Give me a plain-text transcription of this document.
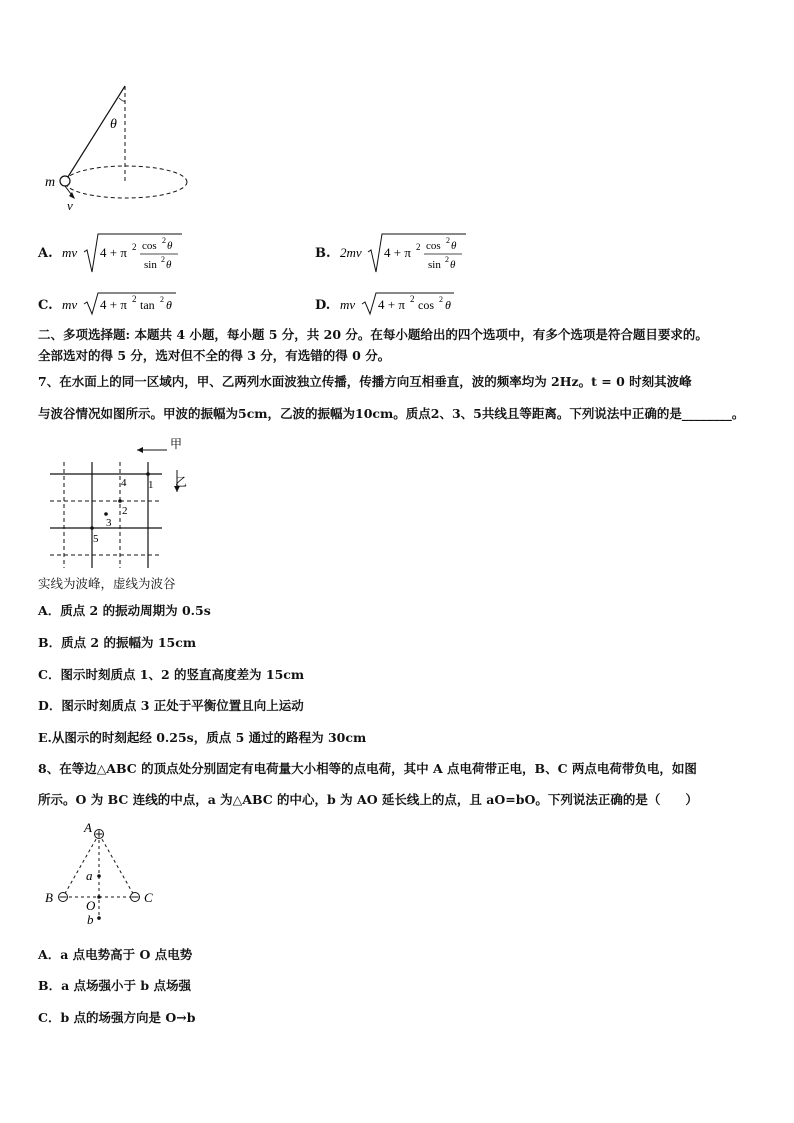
θ
m
v
A. mv 4 + π 2 cos 2 θ
sin 2 θ
B. 2mv 4 + π 2 cos 2 θ
sin 2 θ
C. mv 4 + π 2 tan 2 θ	D. mv 4 + π 2 cos 2 θ
二、多项选择题: 本题共 4 小题，每小题 5 分，共 20 分。在每小题给出的四个选项中，有多个选项是符合题目要求的。
全部选对的得 5 分，选对但不全的得 3 分，有选错的得 0 分。
7、在水面上的同一区域内，甲、乙两列水面波独立传播，传播方向互相垂直，波的频率均为 2Hz。t = 0 时刻其波峰
与波谷情况如图所示。甲波的振幅为5cm，乙波的振幅为10cm。质点2、3、5共线且等距离。下列说法中正确的是________。
甲
乙
1
2
3
4
5
实线为波峰，虚线为波谷
A．质点 2 的振动周期为 0.5s
B．质点 2 的振幅为 15cm
C．图示时刻质点 1、2 的竖直高度差为 15cm
D．图示时刻质点 3 正处于平衡位置且向上运动
E.从图示的时刻起经 0.25s，质点 5 通过的路程为 30cm
8、在等边△ABC 的顶点处分别固定有电荷量大小相等的点电荷，其中 A 点电荷带正电，B、C 两点电荷带负电，如图
所示。O 为 BC 连线的中点，a 为△ABC 的中心，b 为 AO 延长线上的点，且 aO=bO。下列说法正确的是（　　）
A
B	C
O
a
b
A．a 点电势高于 O 点电势
B．a 点场强小于 b 点场强
C．b 点的场强方向是 O→b
